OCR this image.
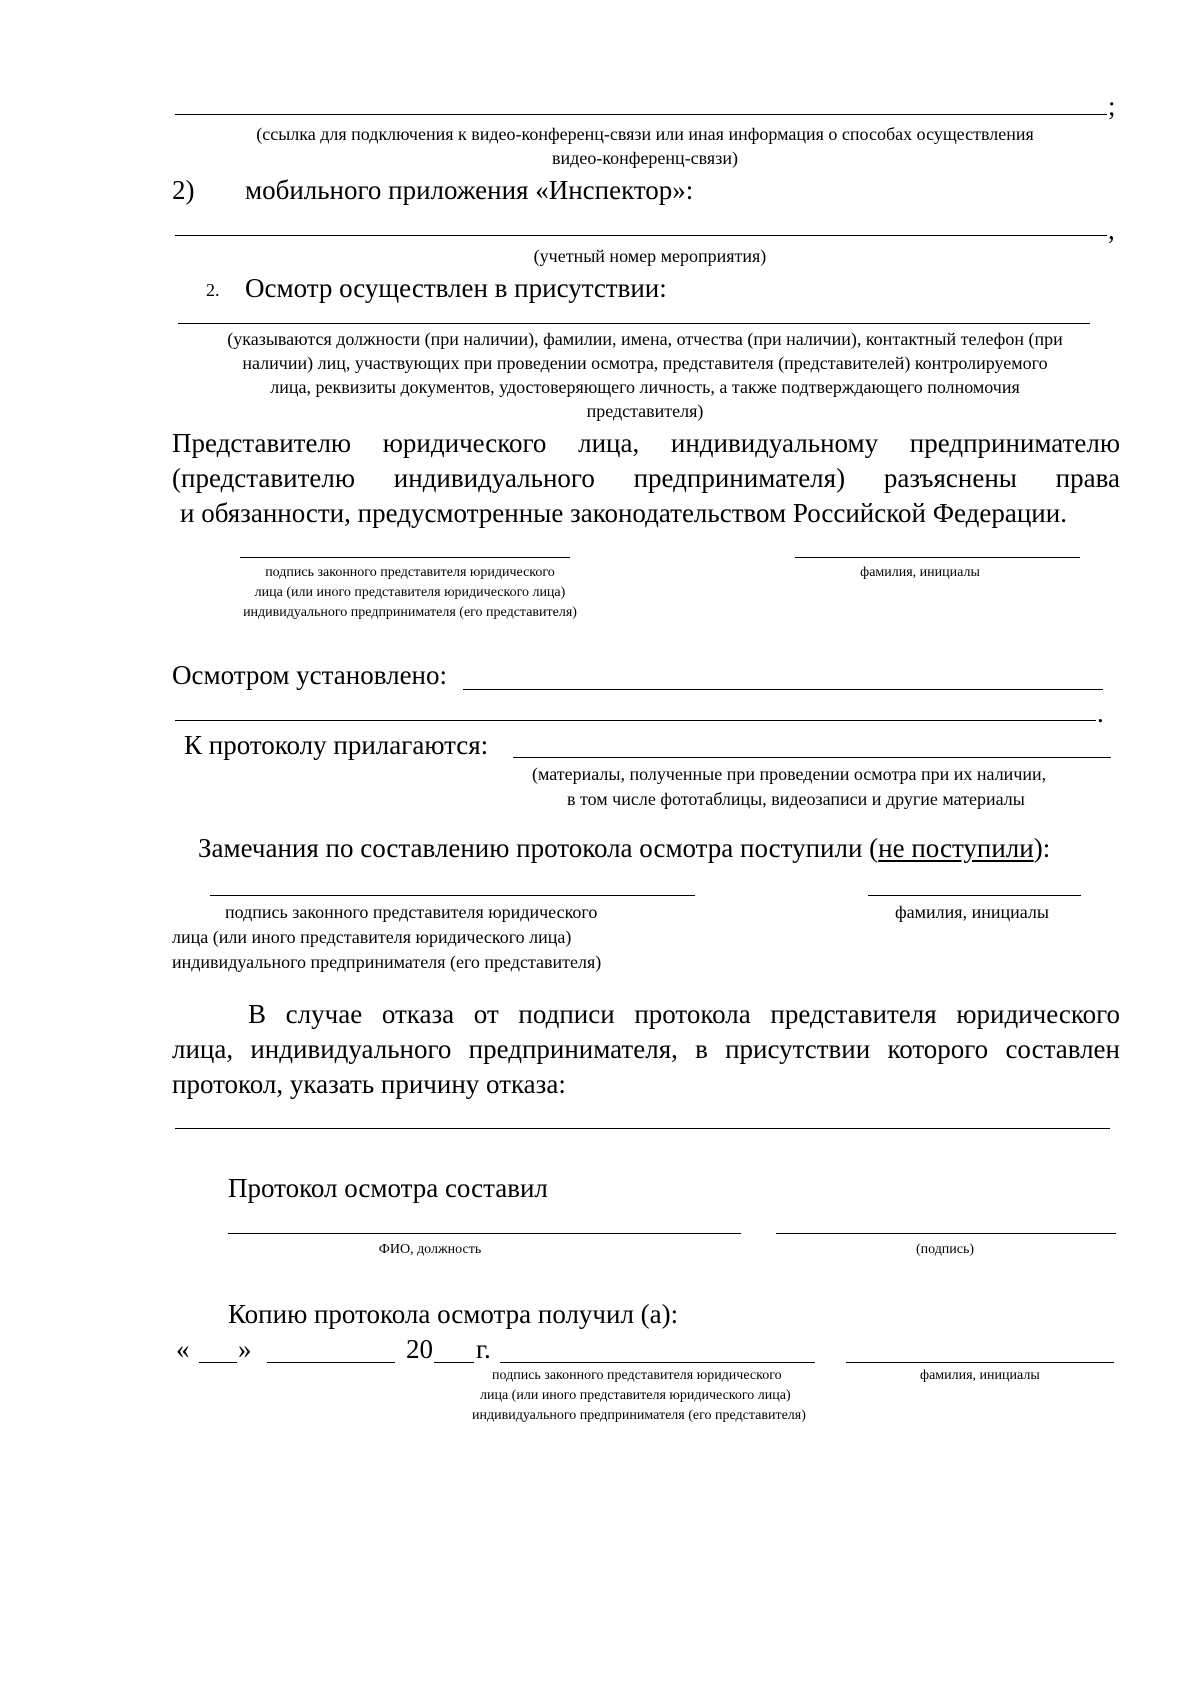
;
(ссылка для подключения к видео-конференц-связи или иная информация о способах осуществления
видео-конференц-связи)
2) мобильного приложения «Инспектор»:
,
(учетный номер мероприятия)
2. Осмотр осуществлен в присутствии:
(указываются должности (при наличии), фамилии, имена, отчества (при наличии), контактный телефон (при
наличии) лиц, участвующих при проведении осмотра, представителя (представителей) контролируемого
лица, реквизиты документов, удостоверяющего личность, а также подтверждающего полномочия
представителя)
Представителю юридического лица, индивидуальному предпринимателю
(представителю индивидуального предпринимателя) разъяснены права
и обязанности, предусмотренные законодательством Российской Федерации.
подпись законного представителя юридического
лица (или иного представителя юридического лица)
индивидуального предпринимателя (его представителя)
фамилия, инициалы
Осмотром установлено:
.
К протоколу прилагаются:
(материалы, полученные при проведении осмотра при их наличии,
в том числе фототаблицы, видеозаписи и другие материалы
Замечания по составлению протокола осмотра поступили (не поступили):
подпись законного представителя юридического
лица (или иного представителя юридического лица)
индивидуального предпринимателя (его представителя)
фамилия, инициалы
В случае отказа от подписи протокола представителя юридического
лица, индивидуального предпринимателя, в присутствии которого составлен
протокол, указать причину отказа:
Протокол осмотра составил
ФИО, должность	(подпись)
Копию протокола осмотра получил (а):
« »	20 г.
подпись законного представителя юридического
лица (или иного представителя юридического лица)
индивидуального предпринимателя (его представителя)
фамилия, инициалы
